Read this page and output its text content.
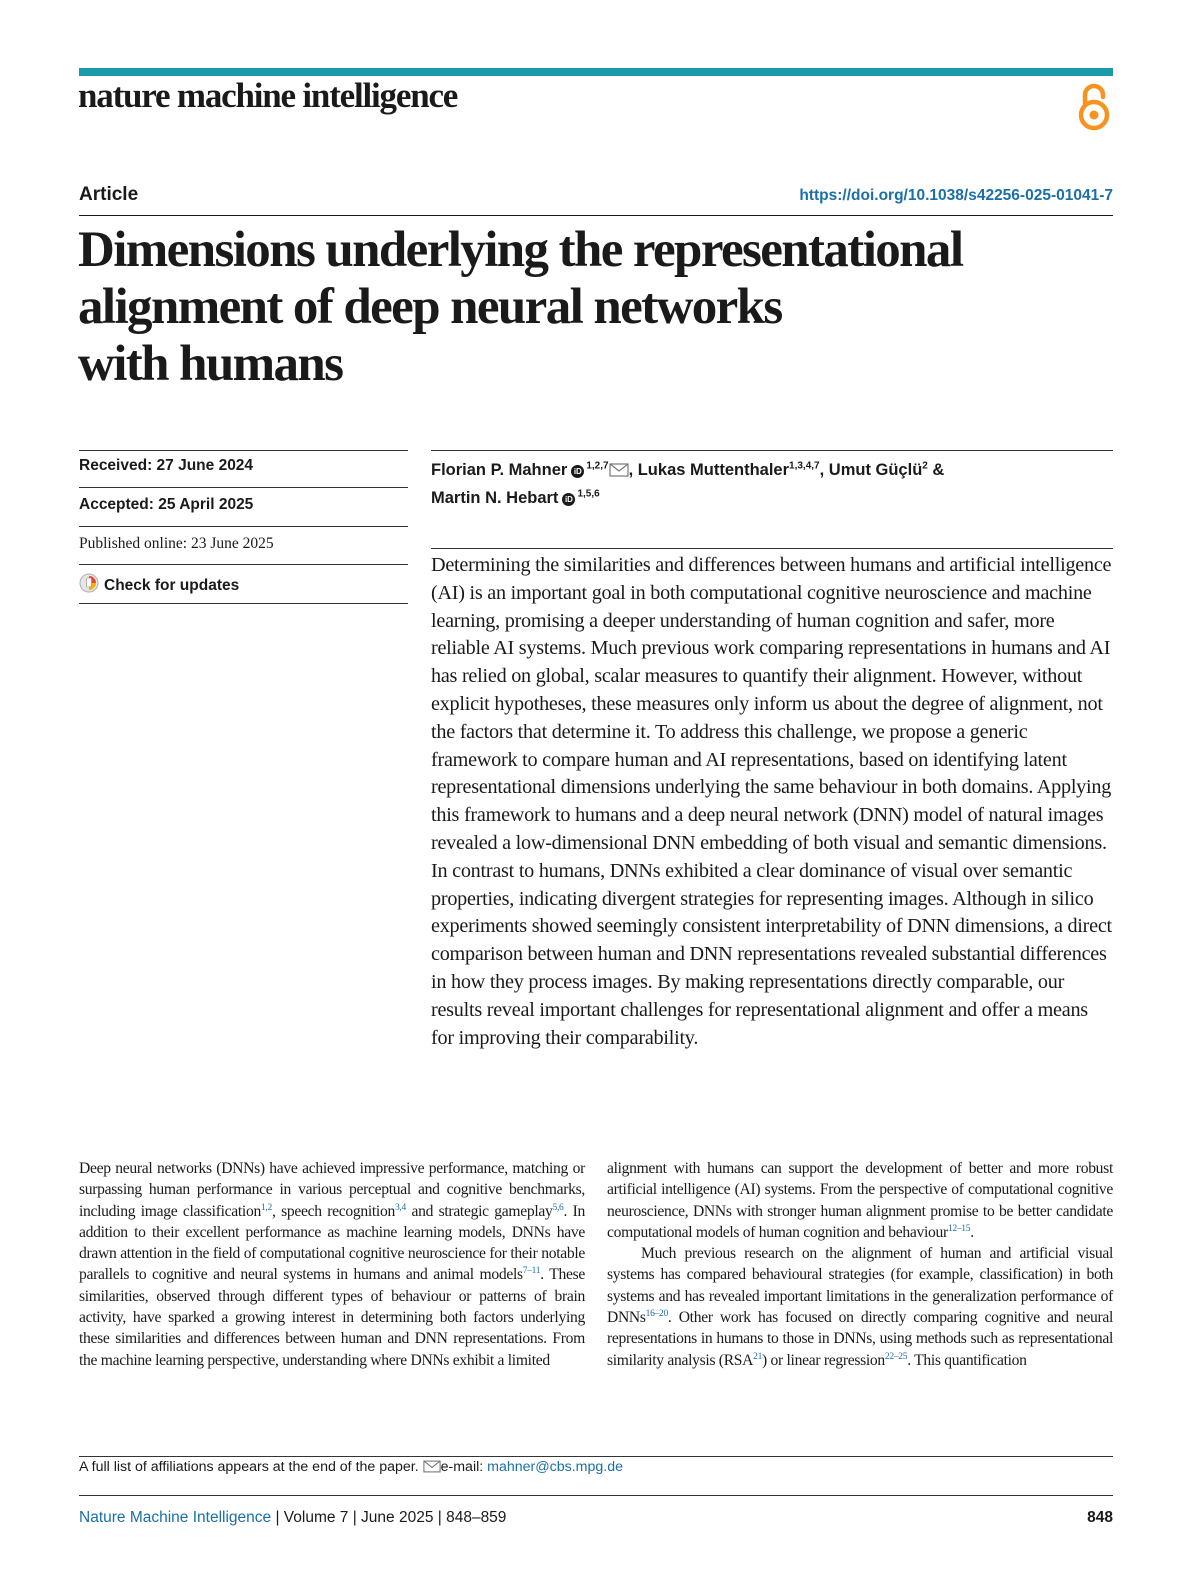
nature machine intelligence
Article	https://doi.org/10.1038/s42256-025-01041-7
Dimensions underlying the representational
alignment of deep neural networks
with humans
Received: 27 June 2024
Accepted: 25 April 2025
Published online: 23 June 2025
Check for updates
Florian P. Mahner iD $^{1,2,7}$ , Lukas Muttenthaler$^{1,3,4,7}$, Umut Güçlü$^2$ &
Martin N. Hebart iD $^{1,5,6}$

Determining the similarities and differences between humans and artificial intelligence (AI) is an important goal in both computational cognitive neuroscience and machine learning, promising a deeper understanding of human cognition and safer, more reliable AI systems. Much previous work comparing representations in humans and AI has relied on global, scalar measures to quantify their alignment. However, without explicit hypotheses, these measures only inform us about the degree of alignment, not the factors that determine it. To address this challenge, we propose a generic framework to compare human and AI representations, based on identifying latent representational dimensions underlying the same behaviour in both domains. Applying this framework to humans and a deep neural network (DNN) model of natural images revealed a low-dimensional DNN embedding of both visual and semantic dimensions. In contrast to humans, DNNs exhibited a clear dominance of visual over semantic properties, indicating divergent strategies for representing images. Although in silico experiments showed seemingly consistent interpretability of DNN dimensions, a direct comparison between human and DNN representations revealed substantial differences in how they process images. By making representations directly comparable, our results reveal important challenges for representational alignment and offer a means for improving their comparability.

Deep neural networks (DNNs) have achieved impressive performance, matching or surpassing human performance in various perceptual and cognitive benchmarks, including image classification$^{1,2}$, speech recognition$^{3,4}$ and strategic gameplay$^{5,6}$. In addition to their excellent performance as machine learning models, DNNs have drawn attention in the field of computational cognitive neuroscience for their notable parallels to cognitive and neural systems in humans and animal models$^{7-11}$. These similarities, observed through different types of behaviour or patterns of brain activity, have sparked a growing interest in determining both factors underlying these similarities and differences between human and DNN representations. From the machine learning perspective, understanding where DNNs exhibit a limited

alignment with humans can support the development of better and more robust artificial intelligence (AI) systems. From the perspective of computational cognitive neuroscience, DNNs with stronger human alignment promise to be better candidate computational models of human cognition and behaviour$^{12-15}$.

Much previous research on the alignment of human and artificial visual systems has compared behavioural strategies (for example, classification) in both systems and has revealed important limitations in the generalization performance of DNNs$^{16-20}$. Other work has focused on directly comparing cognitive and neural representations in humans to those in DNNs, using methods such as representational similarity analysis (RSA$^{21}$) or linear regression$^{22-25}$. This quantification

A full list of affiliations appears at the end of the paper. e-mail: mahner@cbs.mpg.de
Nature Machine Intelligence | Volume 7 | June 2025 | 848–859	848
